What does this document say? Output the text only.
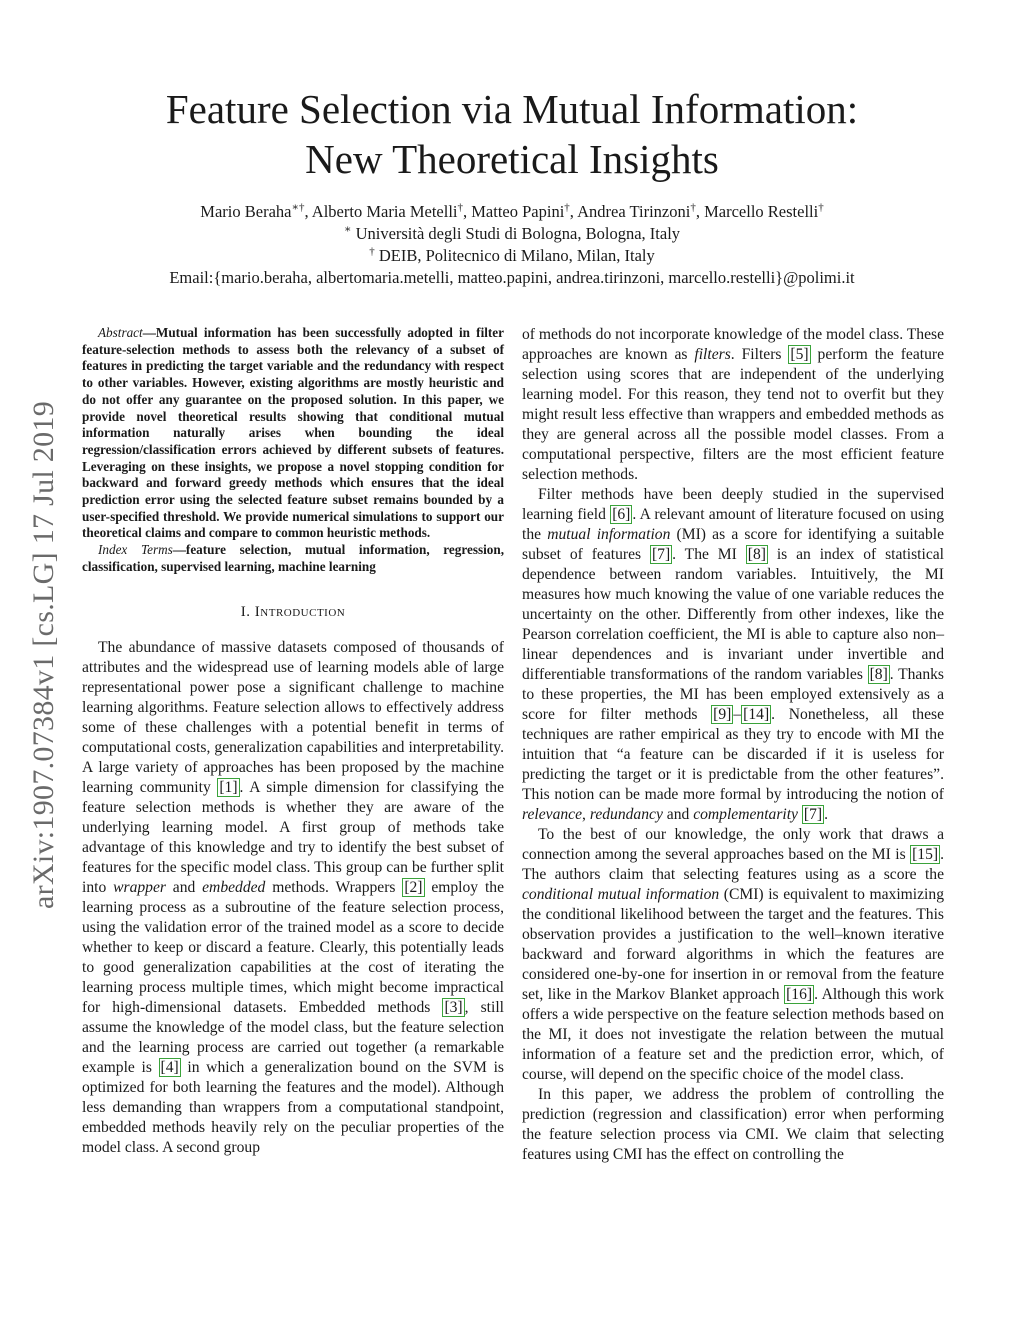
arXiv:1907.07384v1 [cs.LG] 17 Jul 2019
Feature Selection via Mutual Information:
New Theoretical Insights
Mario Beraha∗†, Alberto Maria Metelli†, Matteo Papini†, Andrea Tirinzoni†, Marcello Restelli†
∗ Università degli Studi di Bologna, Bologna, Italy
† DEIB, Politecnico di Milano, Milan, Italy
Email:{mario.beraha, albertomaria.metelli, matteo.papini, andrea.tirinzoni, marcello.restelli}@polimi.it

Abstract—Mutual information has been successfully adopted in filter feature-selection methods to assess both the relevancy of a subset of features in predicting the target variable and the redundancy with respect to other variables. However, existing algorithms are mostly heuristic and do not offer any guarantee on the proposed solution. In this paper, we provide novel theoretical results showing that conditional mutual information naturally arises when bounding the ideal regression/classification errors achieved by different subsets of features. Leveraging on these insights, we propose a novel stopping condition for backward and forward greedy methods which ensures that the ideal prediction error using the selected feature subset remains bounded by a user-specified threshold. We provide numerical simulations to support our theoretical claims and compare to common heuristic methods.

Index Terms—feature selection, mutual information, regression, classification, supervised learning, machine learning

I. Introduction

The abundance of massive datasets composed of thousands of attributes and the widespread use of learning models able of large representational power pose a significant challenge to machine learning algorithms. Feature selection allows to effectively address some of these challenges with a potential benefit in terms of computational costs, generalization capabilities and interpretability. A large variety of approaches has been proposed by the machine learning community [1] . A simple dimension for classifying the feature selection methods is whether they are aware of the underlying learning model. A first group of methods take advantage of this knowledge and try to identify the best subset of features for the specific model class. This group can be further split into wrapper and embedded methods. Wrappers [2] employ the learning process as a subroutine of the feature selection process, using the validation error of the trained model as a score to decide whether to keep or discard a feature. Clearly, this potentially leads to good generalization capabilities at the cost of iterating the learning process multiple times, which might become impractical for high-dimensional datasets. Embedded methods [3] , still assume the knowledge of the model class, but the feature selection and the learning process are carried out together (a remarkable example is [4] in which a generalization bound on the SVM is optimized for both learning the features and the model). Although less demanding than wrappers from a computational standpoint, embedded methods heavily rely on the peculiar properties of the model class. A second group

of methods do not incorporate knowledge of the model class. These approaches are known as filters. Filters [5] perform the feature selection using scores that are independent of the underlying learning model. For this reason, they tend not to overfit but they might result less effective than wrappers and embedded methods as they are general across all the possible model classes. From a computational perspective, filters are the most efficient feature selection methods.

Filter methods have been deeply studied in the supervised learning field [6] . A relevant amount of literature focused on using the mutual information (MI) as a score for identifying a suitable subset of features [7] . The MI [8] is an index of statistical dependence between random variables. Intuitively, the MI measures how much knowing the value of one variable reduces the uncertainty on the other. Differently from other indexes, like the Pearson correlation coefficient, the MI is able to capture also non–linear dependences and is invariant under invertible and differentiable transformations of the random variables [8] . Thanks to these properties, the MI has been employed extensively as a score for filter methods [9] – [14] . Nonetheless, all these techniques are rather empirical as they try to encode with MI the intuition that “a feature can be discarded if it is useless for predicting the target or it is predictable from the other features”. This notion can be made more formal by introducing the notion of relevance, redundancy and complementarity [7] .

To the best of our knowledge, the only work that draws a connection among the several approaches based on the MI is [15] . The authors claim that selecting features using as a score the conditional mutual information (CMI) is equivalent to maximizing the conditional likelihood between the target and the features. This observation provides a justification to the well–known iterative backward and forward algorithms in which the features are considered one-by-one for insertion in or removal from the feature set, like in the Markov Blanket approach [16] . Although this work offers a wide perspective on the feature selection methods based on the MI, it does not investigate the relation between the mutual information of a feature set and the prediction error, which, of course, will depend on the specific choice of the model class.

In this paper, we address the problem of controlling the prediction (regression and classification) error when performing the feature selection process via CMI. We claim that selecting features using CMI has the effect on controlling the
